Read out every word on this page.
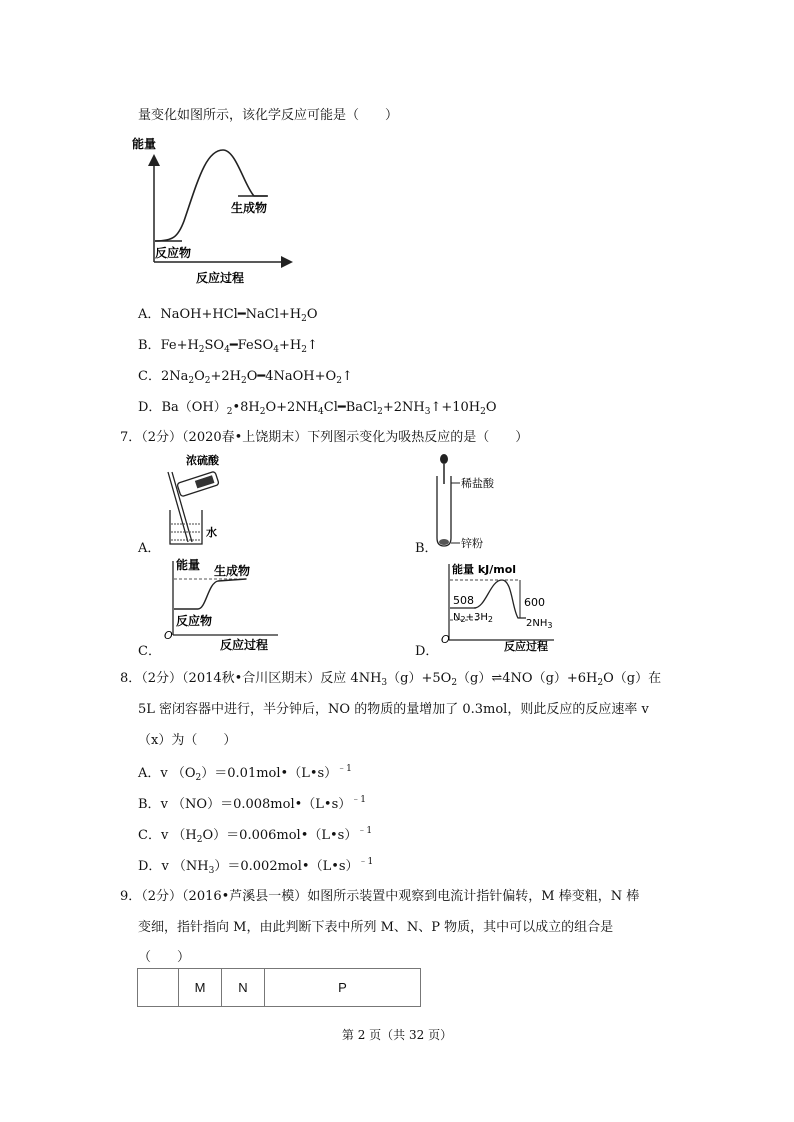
量变化如图所示，该化学反应可能是（　　）
能量
生成物
反应物
反应过程
A．$NaOH+HCl━NaCl+H_2O$
B．$Fe+H_2SO_4━FeSO_4+H_2↑$
C．$2Na_2O_2+2H_2O━4NaOH+O_2↑$
D．$Ba(OH)_2•8H_2O+2NH_4Cl━BaCl_2+2NH_3↑+10H_2O$
7．（2分）（2020春•上饶期末）下列图示变化为吸热反应的是（　　）
A．
浓硫酸
水
B．
稀盐酸
锌粉
C．
能量
O
生成物
反应物
反应过程	D．
能量 kJ/mol
O
508	600
$N_2+3H_2$	$2NH_3$
反应过程
8．（2分）（2014秋•合川区期末）反应 $4NH_3(g)+5O_2(g)\rightleftharpoons 4NO(g)+6H_2O(g)$在
5L 密闭容器中进行，半分钟后，NO 的物质的量增加了 0.3mol，则此反应的反应速率 v
（x）为（　　）
A．v $(O_2)=0.01mol•(L•s)^{﹣1}$
B．v （NO）＝0.008mol•（L•s）$^{﹣1}$
C．v $(H_2O)=0.006mol•(L•s)^{﹣1}$
D．v $(NH_3)=0.002mol•(L•s)^{﹣1}$
9．（2分）（2016•芦溪县一模）如图所示装置中观察到电流计指针偏转，M 棒变粗，N 棒
变细，指针指向 M，由此判断下表中所列 M、N、P 物质，其中可以成立的组合是
（　　）
	M	N	P
第 2 页（共 32 页）
